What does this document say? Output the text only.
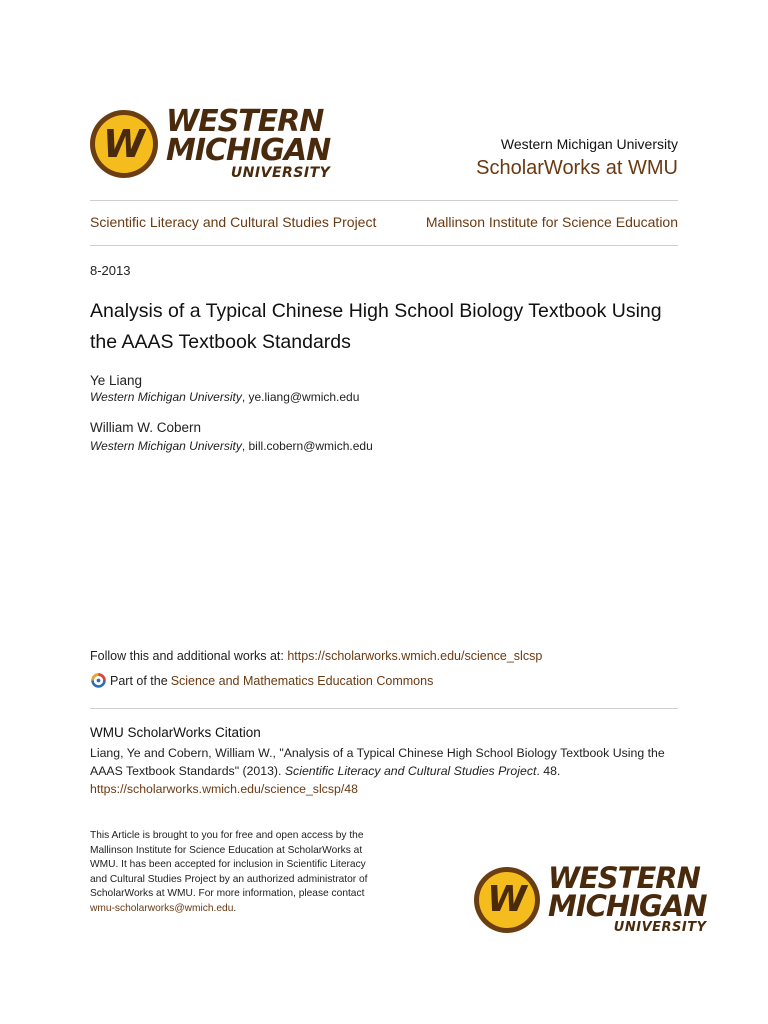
W
WESTERN
MICHIGAN
UNIVERSITY
Western Michigan University
ScholarWorks at WMU
Scientific Literacy and Cultural Studies Project	Mallinson Institute for Science Education
8-2013
Analysis of a Typical Chinese High School Biology Textbook Using the AAAS Textbook Standards
Ye Liang
Western Michigan University, ye.liang@wmich.edu
William W. Cobern
Western Michigan University, bill.cobern@wmich.edu
Follow this and additional works at: https://scholarworks.wmich.edu/science_slcsp
Part of the Science and Mathematics Education Commons
WMU ScholarWorks Citation
Liang, Ye and Cobern, William W., "Analysis of a Typical Chinese High School Biology Textbook Using the AAAS Textbook Standards" (2013). Scientific Literacy and Cultural Studies Project. 48.
https://scholarworks.wmich.edu/science_slcsp/48
This Article is brought to you for free and open access by the Mallinson Institute for Science Education at ScholarWorks at WMU. It has been accepted for inclusion in Scientific Literacy and Cultural Studies Project by an authorized administrator of ScholarWorks at WMU. For more information, please contact wmu-scholarworks@wmich.edu.	W
WESTERN
MICHIGAN
UNIVERSITY
